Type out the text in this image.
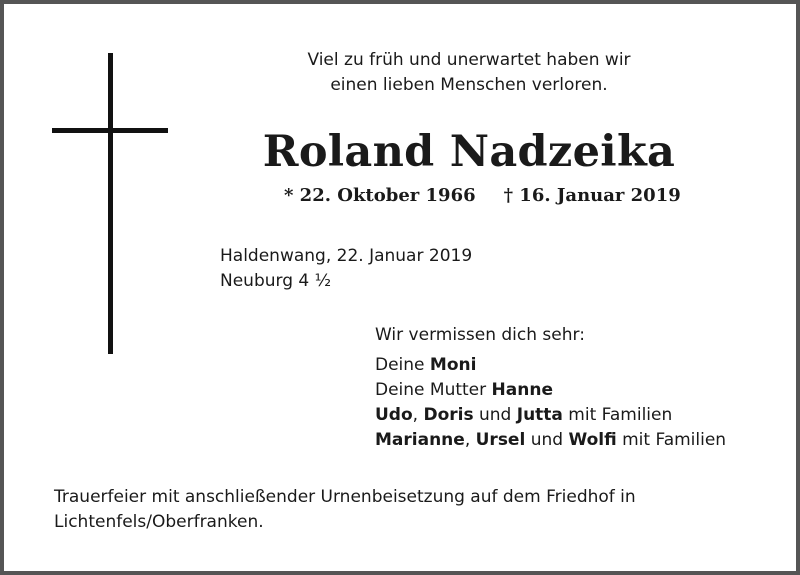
Viel zu früh und unerwartet haben wir
einen lieben Menschen verloren.
Roland Nadzeika
* 22. Oktober 1966 † 16. Januar 2019
Haldenwang, 22. Januar 2019
Neuburg 4 ½
Wir vermissen dich sehr:
Deine Moni
Deine Mutter Hanne
Udo, Doris und Jutta mit Familien
Marianne, Ursel und Wolfi mit Familien
Trauerfeier mit anschließender Urnenbeisetzung auf dem Friedhof in
Lichtenfels/Oberfranken.
